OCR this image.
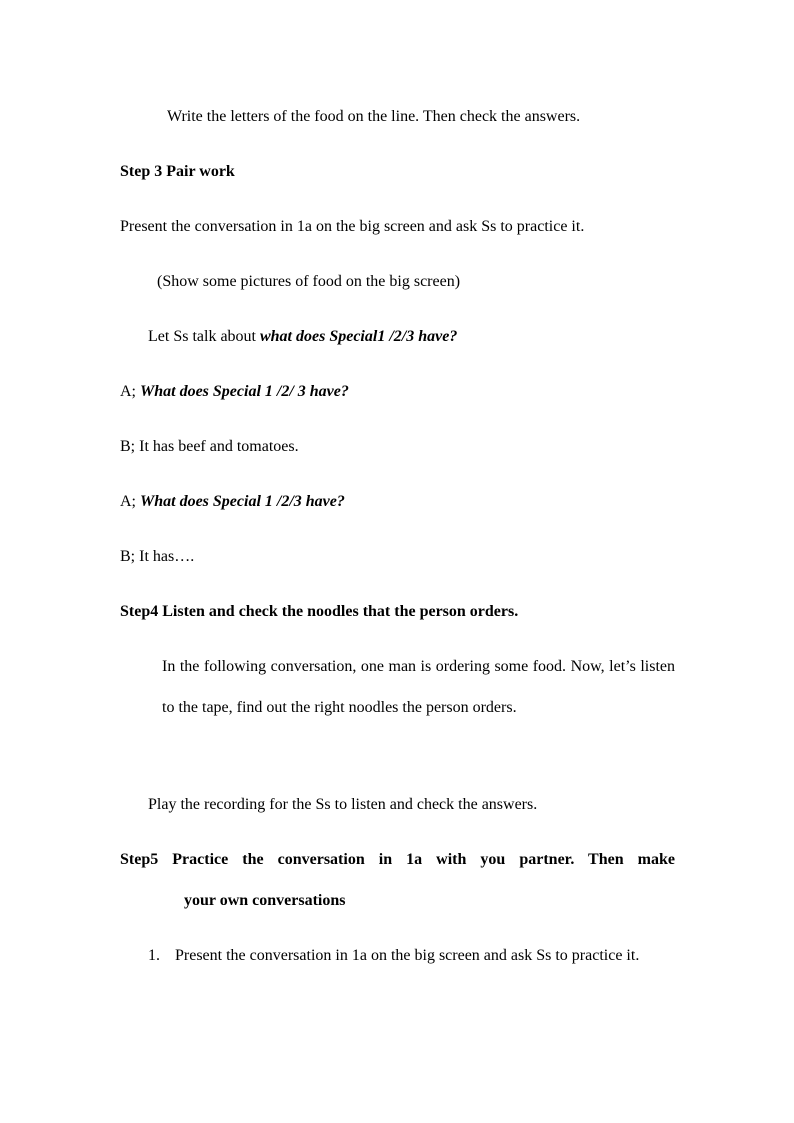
Write the letters of the food on the line. Then check the answers.
Step 3 Pair work
Present the conversation in 1a on the big screen and ask Ss to practice it.
(Show some pictures of food on the big screen)
Let Ss talk about what does Special1 /2/3 have?
A; What does Special 1 /2/ 3 have?
B; It has beef and tomatoes.
A; What does Special 1 /2/3 have?
B; It has….
Step4 Listen and check the noodles that the person orders.
In the following conversation, one man is ordering some food. Now, let’s listen to the tape, find out the right noodles the person orders.
Play the recording for the Ss to listen and check the answers.
Step5 Practice the conversation in 1a with you partner. Then make
your own conversations
1. Present the conversation in 1a on the big screen and ask Ss to practice it.
